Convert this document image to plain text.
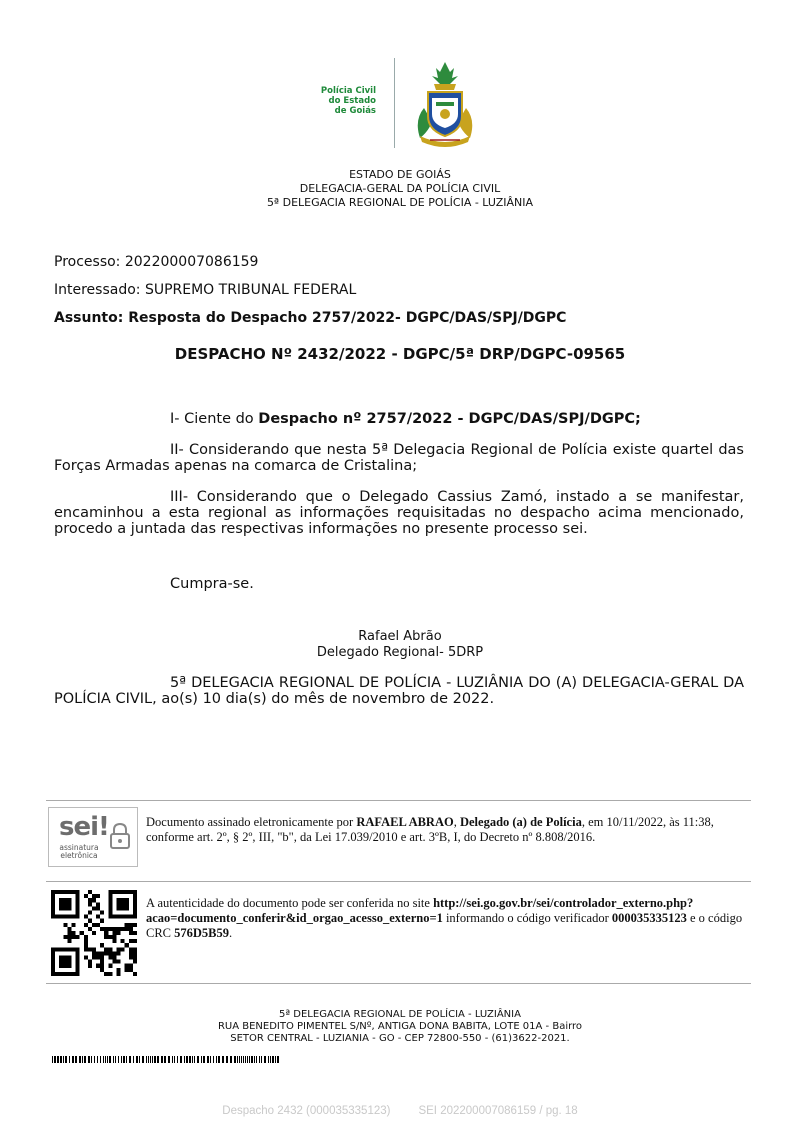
Polícia Civil
do Estado
de Goiás
ESTADO DE GOIÁS
DELEGACIA-GERAL DA POLÍCIA CIVIL
5ª DELEGACIA REGIONAL DE POLÍCIA - LUZIÂNIA
Processo: 202200007086159
Interessado: SUPREMO TRIBUNAL FEDERAL
Assunto: Resposta do Despacho 2757/2022- DGPC/DAS/SPJ/DGPC
DESPACHO Nº 2432/2022 - DGPC/5ª DRP/DGPC-09565
I- Ciente do Despacho nº 2757/2022 - DGPC/DAS/SPJ/DGPC;
II- Considerando que nesta 5ª Delegacia Regional de Polícia existe quartel das Forças Armadas apenas na comarca de Cristalina;
III- Considerando que o Delegado Cassius Zamó, instado a se manifestar, encaminhou a esta regional as informações requisitadas no despacho acima mencionado, procedo a juntada das respectivas informações no presente processo sei.
Cumpra-se.
Rafael Abrão
Delegado Regional- 5DRP
5ª DELEGACIA REGIONAL DE POLÍCIA - LUZIÂNIA DO (A) DELEGACIA-GERAL DA POLÍCIA CIVIL, ao(s) 10 dia(s) do mês de novembro de 2022.
sei!
assinatura
eletrônica
Documento assinado eletronicamente por RAFAEL ABRAO, Delegado (a) de Polícia, em 10/11/2022, às 11:38, conforme art. 2º, § 2º, III, "b", da Lei 17.039/2010 e art. 3ºB, I, do Decreto nº 8.808/2016.
A autenticidade do documento pode ser conferida no site http://sei.go.gov.br/sei/controlador_externo.php?
acao=documento_conferir&id_orgao_acesso_externo=1 informando o código verificador 000035335123 e o código CRC 576D5B59.
5ª DELEGACIA REGIONAL DE POLÍCIA - LUZIÂNIA
RUA BENEDITO PIMENTEL S/Nº, ANTIGA DONA BABITA, LOTE 01A - Bairro
SETOR CENTRAL - LUZIANIA - GO - CEP 72800-550 - (61)3622-2021.
Despacho 2432 (000035335123) SEI 202200007086159 / pg. 18
